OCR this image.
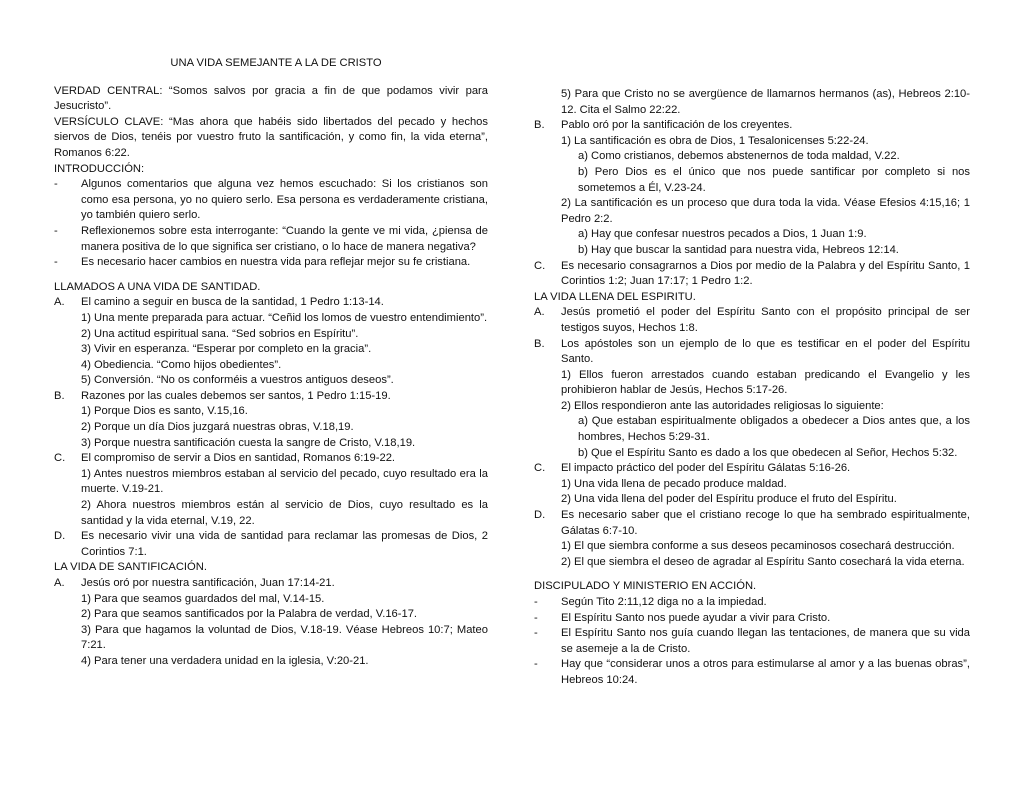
UNA VIDA SEMEJANTE A LA DE CRISTO

VERDAD CENTRAL: “Somos salvos por gracia a fin de que podamos vivir para Jesucristo”.

VERSÍCULO CLAVE: “Mas ahora que habéis sido libertados del pecado y hechos siervos de Dios, tenéis por vuestro fruto la santificación, y como fin, la vida eterna”, Romanos 6:22.

INTRODUCCIÓN:

- Algunos comentarios que alguna vez hemos escuchado: Si los cristianos son como esa persona, yo no quiero serlo. Esa persona es verdaderamente cristiana, yo también quiero serlo.
- Reflexionemos sobre esta interrogante: “Cuando la gente ve mi vida, ¿piensa de manera positiva de lo que significa ser cristiano, o lo hace de manera negativa?
- Es necesario hacer cambios en nuestra vida para reflejar mejor su fe cristiana.

LLAMADOS A UNA VIDA DE SANTIDAD.

A. El camino a seguir en busca de la santidad, 1 Pedro 1:13-14.

1) Una mente preparada para actuar. “Ceñid los lomos de vuestro entendimiento”.

2) Una actitud espiritual sana. “Sed sobrios en Espíritu”.

3) Vivir en esperanza. “Esperar por completo en la gracia”.

4) Obediencia. “Como hijos obedientes”.

5) Conversión. “No os conforméis a vuestros antiguos deseos”.

B. Razones por las cuales debemos ser santos, 1 Pedro 1:15-19.

1) Porque Dios es santo, V.15,16.

2) Porque un día Dios juzgará nuestras obras, V.18,19.

3) Porque nuestra santificación cuesta la sangre de Cristo, V.18,19.

C. El compromiso de servir a Dios en santidad, Romanos 6:19-22.

1) Antes nuestros miembros estaban al servicio del pecado, cuyo resultado era la muerte. V.19-21.

2) Ahora nuestros miembros están al servicio de Dios, cuyo resultado es la santidad y la vida eternal, V.19, 22.

D. Es necesario vivir una vida de santidad para reclamar las promesas de Dios, 2 Corintios 7:1.

LA VIDA DE SANTIFICACIÓN.

A. Jesús oró por nuestra santificación, Juan 17:14-21.

1) Para que seamos guardados del mal, V.14-15.

2) Para que seamos santificados por la Palabra de verdad, V.16-17.

3) Para que hagamos la voluntad de Dios, V.18-19. Véase Hebreos 10:7; Mateo 7:21.

4) Para tener una verdadera unidad en la iglesia, V:20-21.

5) Para que Cristo no se avergüence de llamarnos hermanos (as), Hebreos 2:10-12. Cita el Salmo 22:22.

B. Pablo oró por la santificación de los creyentes.

1) La santificación es obra de Dios, 1 Tesalonicenses 5:22-24.

a) Como cristianos, debemos abstenernos de toda maldad, V.22.

b) Pero Dios es el único que nos puede santificar por completo si nos sometemos a Él, V.23-24.

2) La santificación es un proceso que dura toda la vida. Véase Efesios 4:15,16; 1 Pedro 2:2.

a) Hay que confesar nuestros pecados a Dios, 1 Juan 1:9.

b) Hay que buscar la santidad para nuestra vida, Hebreos 12:14.

C. Es necesario consagrarnos a Dios por medio de la Palabra y del Espíritu Santo, 1 Corintios 1:2; Juan 17:17; 1 Pedro 1:2.

LA VIDA LLENA DEL ESPIRITU.

A. Jesús prometió el poder del Espíritu Santo con el propósito principal de ser testigos suyos, Hechos 1:8.
B. Los apóstoles son un ejemplo de lo que es testificar en el poder del Espíritu Santo.

1) Ellos fueron arrestados cuando estaban predicando el Evangelio y les prohibieron hablar de Jesús, Hechos 5:17-26.

2) Ellos respondieron ante las autoridades religiosas lo siguiente:

a) Que estaban espiritualmente obligados a obedecer a Dios antes que, a los hombres, Hechos 5:29-31.

b) Que el Espíritu Santo es dado a los que obedecen al Señor, Hechos 5:32.

C. El impacto práctico del poder del Espíritu Gálatas 5:16-26.

1) Una vida llena de pecado produce maldad.

2) Una vida llena del poder del Espíritu produce el fruto del Espíritu.

D. Es necesario saber que el cristiano recoge lo que ha sembrado espiritualmente, Gálatas 6:7-10.

1) El que siembra conforme a sus deseos pecaminosos cosechará destrucción.

2) El que siembra el deseo de agradar al Espíritu Santo cosechará la vida eterna.

DISCIPULADO Y MINISTERIO EN ACCIÓN.

- Según Tito 2:11,12 diga no a la impiedad.
- El Espíritu Santo nos puede ayudar a vivir para Cristo.
- El Espíritu Santo nos guía cuando llegan las tentaciones, de manera que su vida se asemeje a la de Cristo.
- Hay que “considerar unos a otros para estimularse al amor y a las buenas obras”, Hebreos 10:24.
